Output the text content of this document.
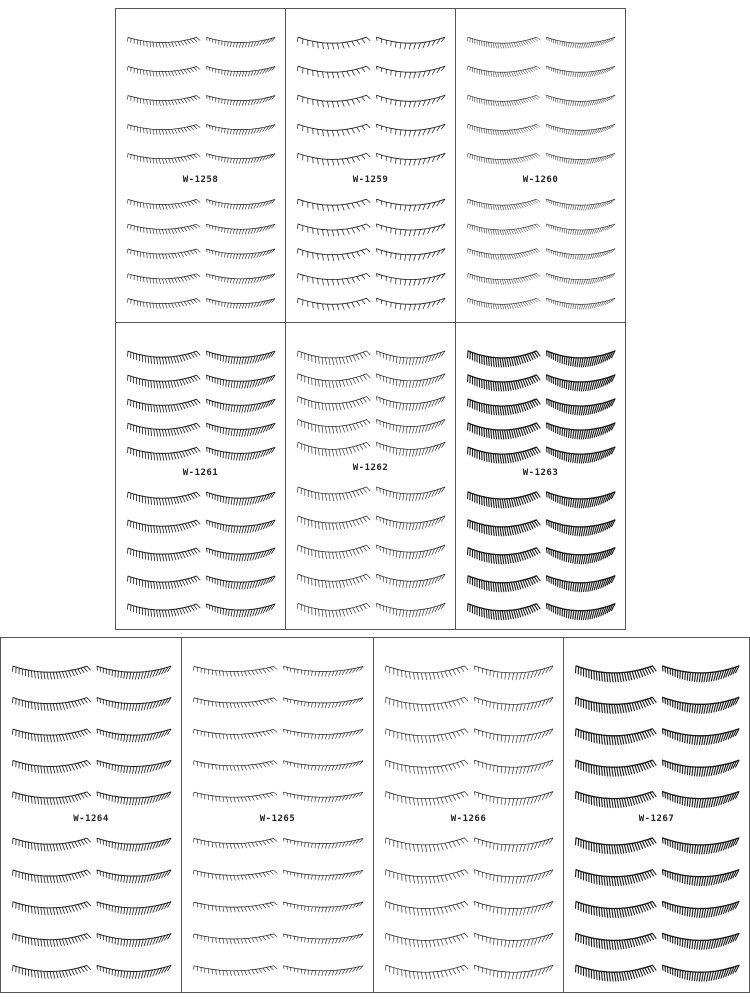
W-1258	W-1259	W-1260
W-1261	W-1262	W-1263
W-1264	W-1265	W-1266	W-1267
